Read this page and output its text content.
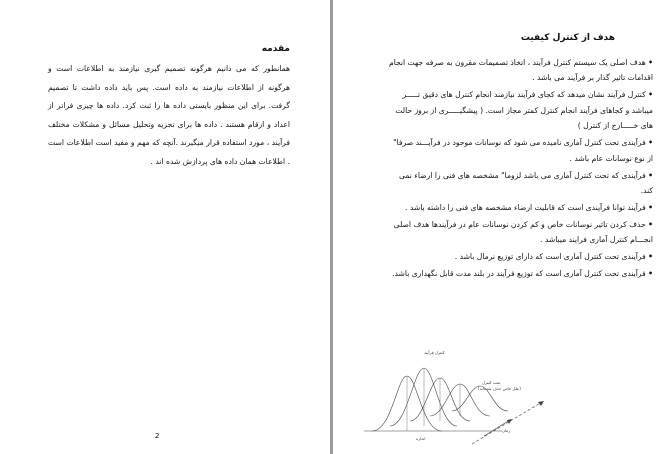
مقدمه

همانطور که می دانیم هرگونه تصمیم گیری نیازمند به اطلاعات است و هرگونه از اطلاعات نیازمند به داده است. پس باید داده داشت تا تصمیم گرفت. برای این منظور بایستی داده ها را ثبت کرد. داده ها چیزی فراتر از اعداد و ارقام هستند . داده ها برای تجزیه وتحلیل مسائل و مشکلات مختلف فرآیند ، مورد استفاده قرار میگیرند .آنچه که مهم و مفید است اطلاعات است . اطلاعات همان داده های پردازش شده اند .

2
هدف از کنترل کیفیت
• هدف اصلی یک سیستم کنترل فرآیند ، اتخاذ تصمیمات مقرون به صرفه جهت انجام اقدامات تاثیر گذار بر فرآیند می باشد .
• کنترل فرآیند نشان میدهد که کجای فرآیند نیازمند انجام کنترل های دقیق تـــــر میباشد و کجاهای فرآیند انجام کنترل کمتر مجاز است. ( پیشگیـــــری از بروز حالت های خـــــارج از کنترل )
• فرآیندی تحت کنترل آماری نامیده می شود که نوسانات موجود در فرآیـــند صرفا" از نوع نوسانات عام باشد .
• فرآیندی که تحت کنترل آماری می باشد لزوما" مشخصه های فنی را ارضاء نمی کند.
• فرآیند توانا فرآیندی است که قابلیت ارضاء مشخصه های فنی را داشته باشد .
• حذف کردن تاثیر نوسانات خاص و کم کردن نوسانات عام در فرآیندها هدف اصلی انجـــام کنترل آماری فرایند میباشد .
• فرآیندی تحت کنترل آماری است که دارای توزیع نرمال باشد .
• فرآیندی تحت کنترل آماری است که توزیع فرآیند در بلند مدت قابل نگهداری باشد.
کنترل فرآیند
تحت کنترل
(علل خاص حذف شده‌اند)
اندازه
زمان
